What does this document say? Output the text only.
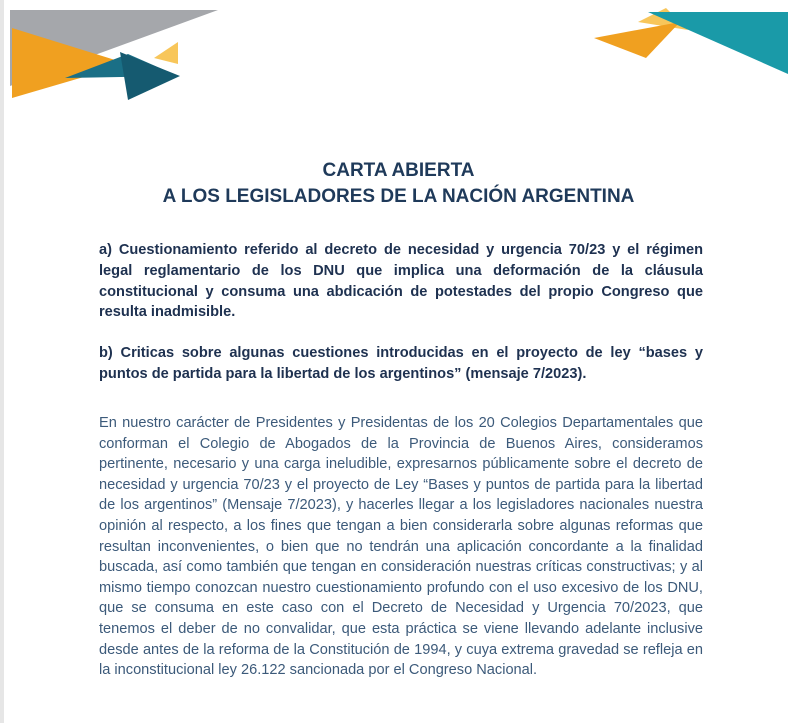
CARTA ABIERTA
A LOS LEGISLADORES DE LA NACIÓN ARGENTINA

a) Cuestionamiento referido al decreto de necesidad y urgencia 70/23 y el régimen legal reglamentario de los DNU que implica una deformación de la cláusula constitucional y consuma una abdicación de potestades del propio Congreso que resulta inadmisible.

b) Criticas sobre algunas cuestiones introducidas en el proyecto de ley “bases y puntos de partida para la libertad de los argentinos” (mensaje 7/2023).

En nuestro carácter de Presidentes y Presidentas de los 20 Colegios Departamentales que conforman el Colegio de Abogados de la Provincia de Buenos Aires, consideramos pertinente, necesario y una carga ineludible, expresarnos públicamente sobre el decreto de necesidad y urgencia 70/23 y el proyecto de Ley “Bases y puntos de partida para la libertad de los argentinos” (Mensaje 7/2023), y hacerles llegar a los legisladores nacionales nuestra opinión al respecto, a los fines que tengan a bien considerarla sobre algunas reformas que resultan inconvenientes, o bien que no tendrán una aplicación concordante a la finalidad buscada, así como también que tengan en consideración nuestras críticas constructivas; y al mismo tiempo conozcan nuestro cuestionamiento profundo con el uso excesivo de los DNU, que se consuma en este caso con el Decreto de Necesidad y Urgencia 70/2023, que tenemos el deber de no convalidar, que esta práctica se viene llevando adelante inclusive desde antes de la reforma de la Constitución de 1994, y cuya extrema gravedad se refleja en la inconstitucional ley 26.122 sancionada por el Congreso Nacional.
